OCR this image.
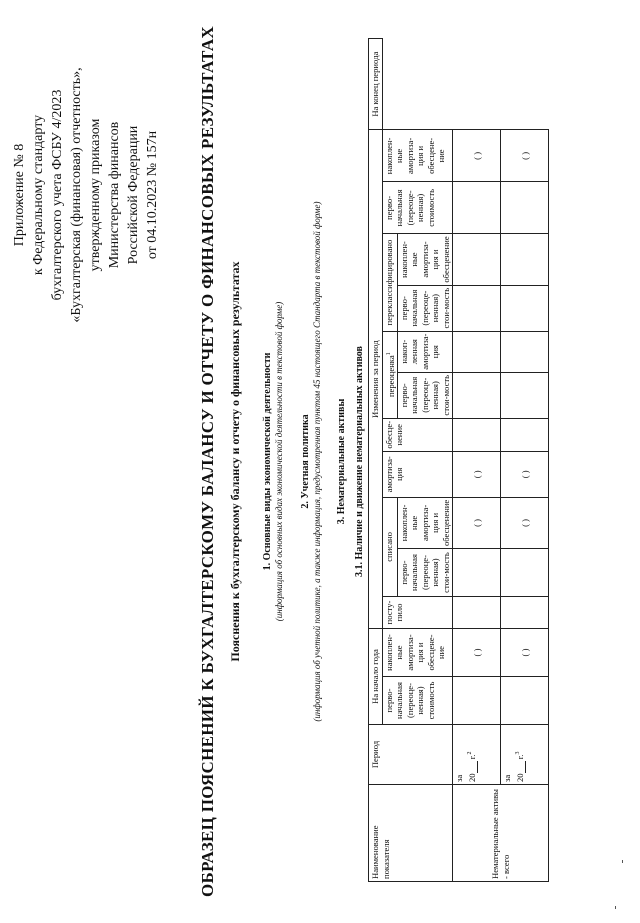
Приложение № 8 к Федеральному стандарту бухгалтерского учета ФСБУ 4/2023 «Бухгалтерская (финансовая) отчетность», утвержденному приказом Министерства финансов Российской Федерации от 04.10.2023 № 157н ОБРАЗЕЦ ПОЯСНЕНИЙ К БУХГАЛТЕРСКОМУ БАЛАНСУ И ОТЧЕТУ О ФИНАНСОВЫХ РЕЗУЛЬТАТАХ Пояснения к бухгалтерскому балансу и отчету о финансовых результатах 1. Основные виды экономической деятельности (информация об основных видах экономической деятельности в текстовой форме) 2. Учетная политика (информация об учетной политике, а также информация, предусмотренная пунктом 45 настоящего Стандарта в текстовой форме) 3. Нематериальные активы 3.1. Наличие и движение нематериальных активов
Наименование показателя	Период	На начало года		Изменения за период											На конец периода
		перво-начальная (переоце-ненная) стоимость	накоплен-ные амортиза-ция и обесцене-ние	посту-пило	списано		амортиза-ция	обесце-нение	переоценка$^1$		переклассифицировано		перво-начальная (переоце-ненная) стоимость	накоплен-ные амортиза-ция и обесцене-ние	
					перво-начальная (переоце-ненная) стои-мость	накоплен-ные амортиза-ция и обесценение			перво-начальная (переоце-ненная) стои-мость	накоп-ленная амортиза-ция	перво-начальная (переоце-ненная) стои-мость	накоплен-ные амортиза-ция и обесценение			
Нематериальные активы - всего	за 20   г.$^2$		( )			( )	( )							( )	

	за 20   г.$^3$		( )			( )	( )							( )	
